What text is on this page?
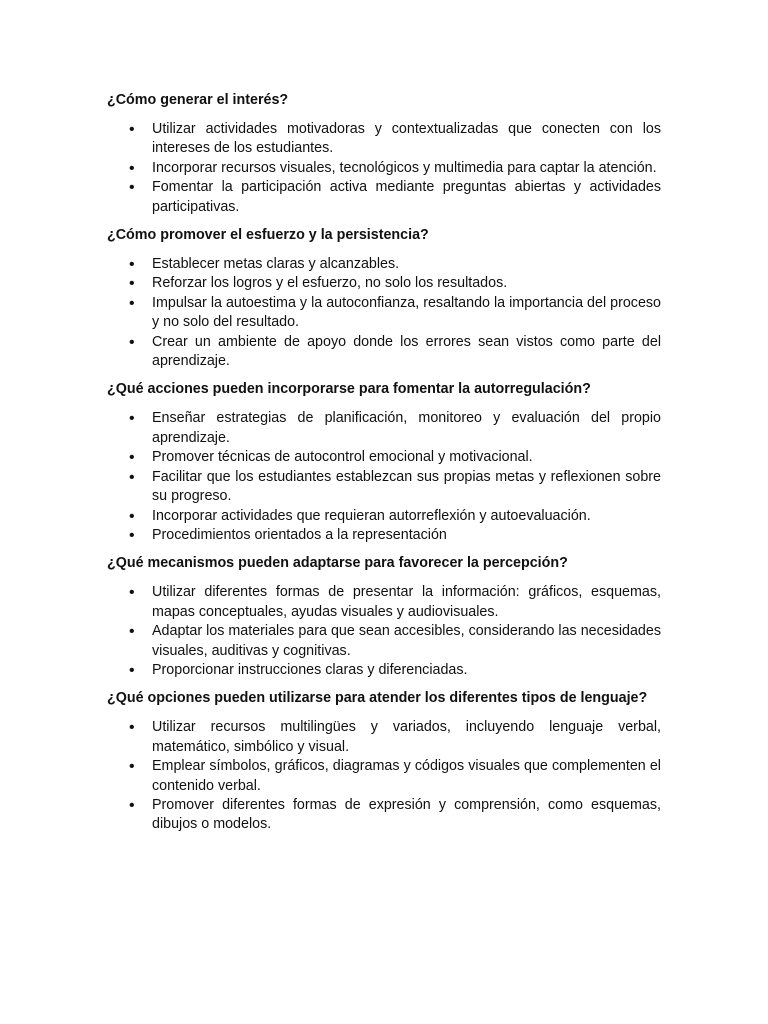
¿Cómo generar el interés?

• Utilizar actividades motivadoras y contextualizadas que conecten con los intereses de los estudiantes.
• Incorporar recursos visuales, tecnológicos y multimedia para captar la atención.
• Fomentar la participación activa mediante preguntas abiertas y actividades participativas.

¿Cómo promover el esfuerzo y la persistencia?

• Establecer metas claras y alcanzables.
• Reforzar los logros y el esfuerzo, no solo los resultados.
• Impulsar la autoestima y la autoconfianza, resaltando la importancia del proceso y no solo del resultado.
• Crear un ambiente de apoyo donde los errores sean vistos como parte del aprendizaje.

¿Qué acciones pueden incorporarse para fomentar la autorregulación?

• Enseñar estrategias de planificación, monitoreo y evaluación del propio aprendizaje.
• Promover técnicas de autocontrol emocional y motivacional.
• Facilitar que los estudiantes establezcan sus propias metas y reflexionen sobre su progreso.
• Incorporar actividades que requieran autorreflexión y autoevaluación.
• Procedimientos orientados a la representación

¿Qué mecanismos pueden adaptarse para favorecer la percepción?

• Utilizar diferentes formas de presentar la información: gráficos, esquemas, mapas conceptuales, ayudas visuales y audiovisuales.
• Adaptar los materiales para que sean accesibles, considerando las necesidades visuales, auditivas y cognitivas.
• Proporcionar instrucciones claras y diferenciadas.

¿Qué opciones pueden utilizarse para atender los diferentes tipos de lenguaje?

• Utilizar recursos multilingües y variados, incluyendo lenguaje verbal, matemático, simbólico y visual.
• Emplear símbolos, gráficos, diagramas y códigos visuales que complementen el contenido verbal.
• Promover diferentes formas de expresión y comprensión, como esquemas, dibujos o modelos.
